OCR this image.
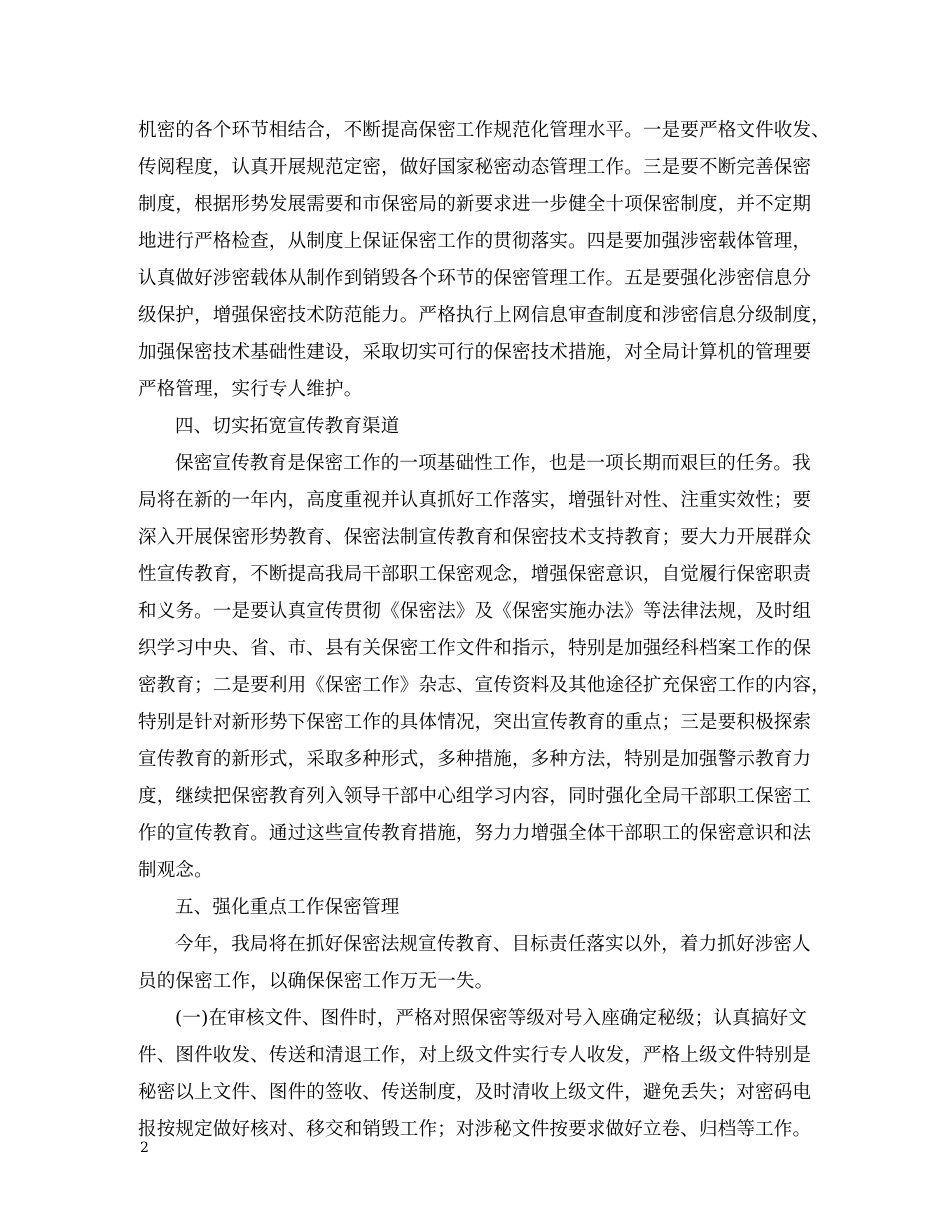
机密的各个环节相结合，不断提高保密工作规范化管理水平。一是要严格文件收发、
传阅程度，认真开展规范定密，做好国家秘密动态管理工作。三是要不断完善保密
制度，根据形势发展需要和市保密局的新要求进一步健全十项保密制度，并不定期
地进行严格检查，从制度上保证保密工作的贯彻落实。四是要加强涉密载体管理，
认真做好涉密载体从制作到销毁各个环节的保密管理工作。五是要强化涉密信息分
级保护，增强保密技术防范能力。严格执行上网信息审查制度和涉密信息分级制度，
加强保密技术基础性建设，采取切实可行的保密技术措施，对全局计算机的管理要
严格管理，实行专人维护。
四、切实拓宽宣传教育渠道
保密宣传教育是保密工作的一项基础性工作，也是一项长期而艰巨的任务。我
局将在新的一年内，高度重视并认真抓好工作落实，增强针对性、注重实效性；要
深入开展保密形势教育、保密法制宣传教育和保密技术支持教育；要大力开展群众
性宣传教育，不断提高我局干部职工保密观念，增强保密意识，自觉履行保密职责
和义务。一是要认真宣传贯彻《保密法》及《保密实施办法》等法律法规，及时组
织学习中央、省、市、县有关保密工作文件和指示，特别是加强经科档案工作的保
密教育；二是要利用《保密工作》杂志、宣传资料及其他途径扩充保密工作的内容，
特别是针对新形势下保密工作的具体情况，突出宣传教育的重点；三是要积极探索
宣传教育的新形式，采取多种形式，多种措施，多种方法，特别是加强警示教育力
度，继续把保密教育列入领导干部中心组学习内容，同时强化全局干部职工保密工
作的宣传教育。通过这些宣传教育措施，努力力增强全体干部职工的保密意识和法
制观念。
五、强化重点工作保密管理
今年，我局将在抓好保密法规宣传教育、目标责任落实以外，着力抓好涉密人
员的保密工作，以确保保密工作万无一失。
(一)在审核文件、图件时，严格对照保密等级对号入座确定秘级；认真搞好文
件、图件收发、传送和清退工作，对上级文件实行专人收发，严格上级文件特别是
秘密以上文件、图件的签收、传送制度，及时清收上级文件，避免丢失；对密码电
报按规定做好核对、移交和销毁工作；对涉秘文件按要求做好立卷、归档等工作。
2
